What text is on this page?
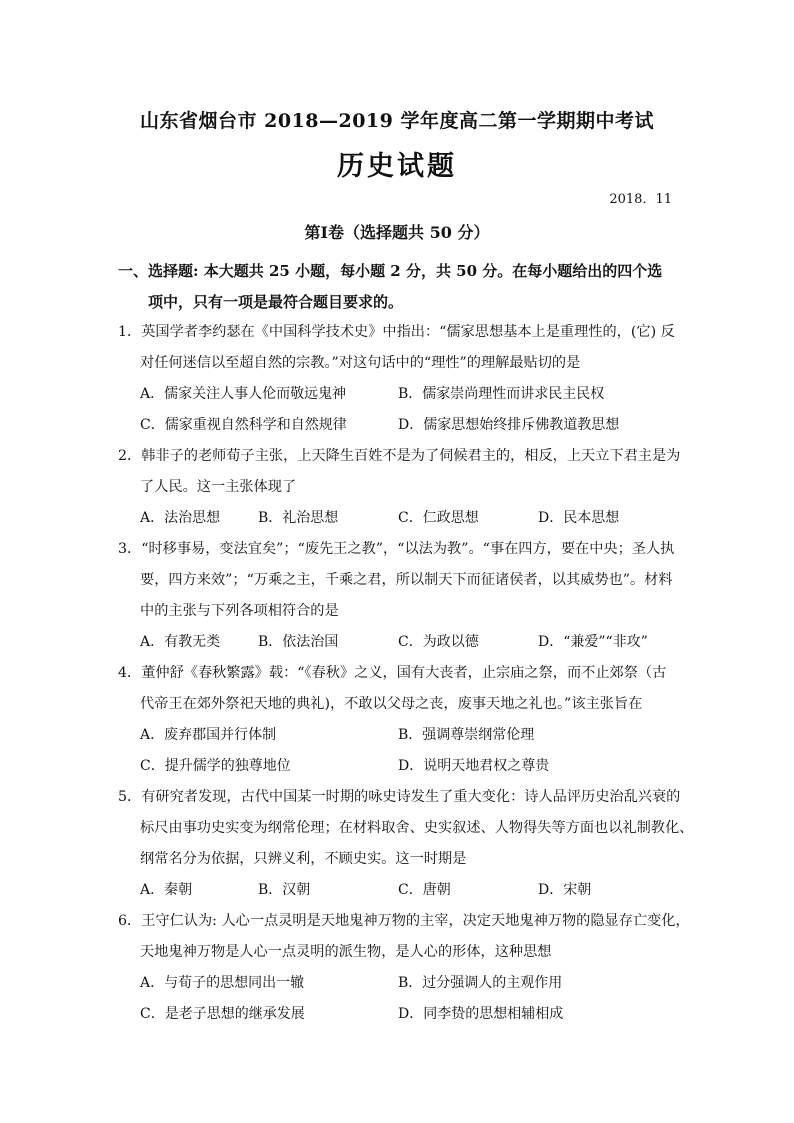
山东省烟台市 2018—2019 学年度高二第一学期期中考试
历史试题
2018．11
第Ⅰ卷（选择题共 50 分）
一、选择题: 本大题共 25 小题，每小题 2 分，共 50 分。在每小题给出的四个选
项中，只有一项是最符合题目要求的。
1．英国学者李约瑟在《中国科学技术史》中指出：“儒家思想基本上是重理性的，(它) 反
对任何迷信以至超自然的宗教。”对这句话中的“理性”的理解最贴切的是
A．儒家关注人事人伦而敬远鬼神	B．儒家崇尚理性而讲求民主民权
C．儒家重视自然科学和自然规律	D．儒家思想始终排斥佛教道教思想
2．韩非子的老师荀子主张，上天降生百姓不是为了伺候君主的，相反，上天立下君主是为
了人民。这一主张体现了
A．法治思想	B．礼治思想	C．仁政思想	D．民本思想
3．“时移事易，变法宜矣”；“废先王之教”，“以法为教”。“事在四方，要在中央；圣人执
要，四方来效”；“万乘之主，千乘之君，所以制天下而征诸侯者，以其威势也”。材料
中的主张与下列各项相符合的是
A．有教无类	B．依法治国	C．为政以德	D．“兼爱”“非攻”
4．董仲舒《春秋繁露》载：“《春秋》之义，国有大丧者，止宗庙之祭，而不止郊祭（古
代帝王在郊外祭祀天地的典礼)，不敢以父母之丧，废事天地之礼也。”该主张旨在
A．废弃郡国并行体制	B．强调尊崇纲常伦理
C．提升儒学的独尊地位	D．说明天地君权之尊贵
5．有研究者发现，古代中国某一时期的咏史诗发生了重大变化：诗人品评历史治乱兴衰的
标尺由事功史实变为纲常伦理；在材料取舍、史实叙述、人物得失等方面也以礼制教化、
纲常名分为依据，只辨义利，不顾史实。这一时期是
A．秦朝	B．汉朝	C．唐朝	D．宋朝
6．王守仁认为: 人心一点灵明是天地鬼神万物的主宰，决定天地鬼神万物的隐显存亡变化，
天地鬼神万物是人心一点灵明的派生物，是人心的形体，这种思想
A．与荀子的思想同出一辙	B．过分强调人的主观作用
C．是老子思想的继承发展	D．同李贽的思想相辅相成
